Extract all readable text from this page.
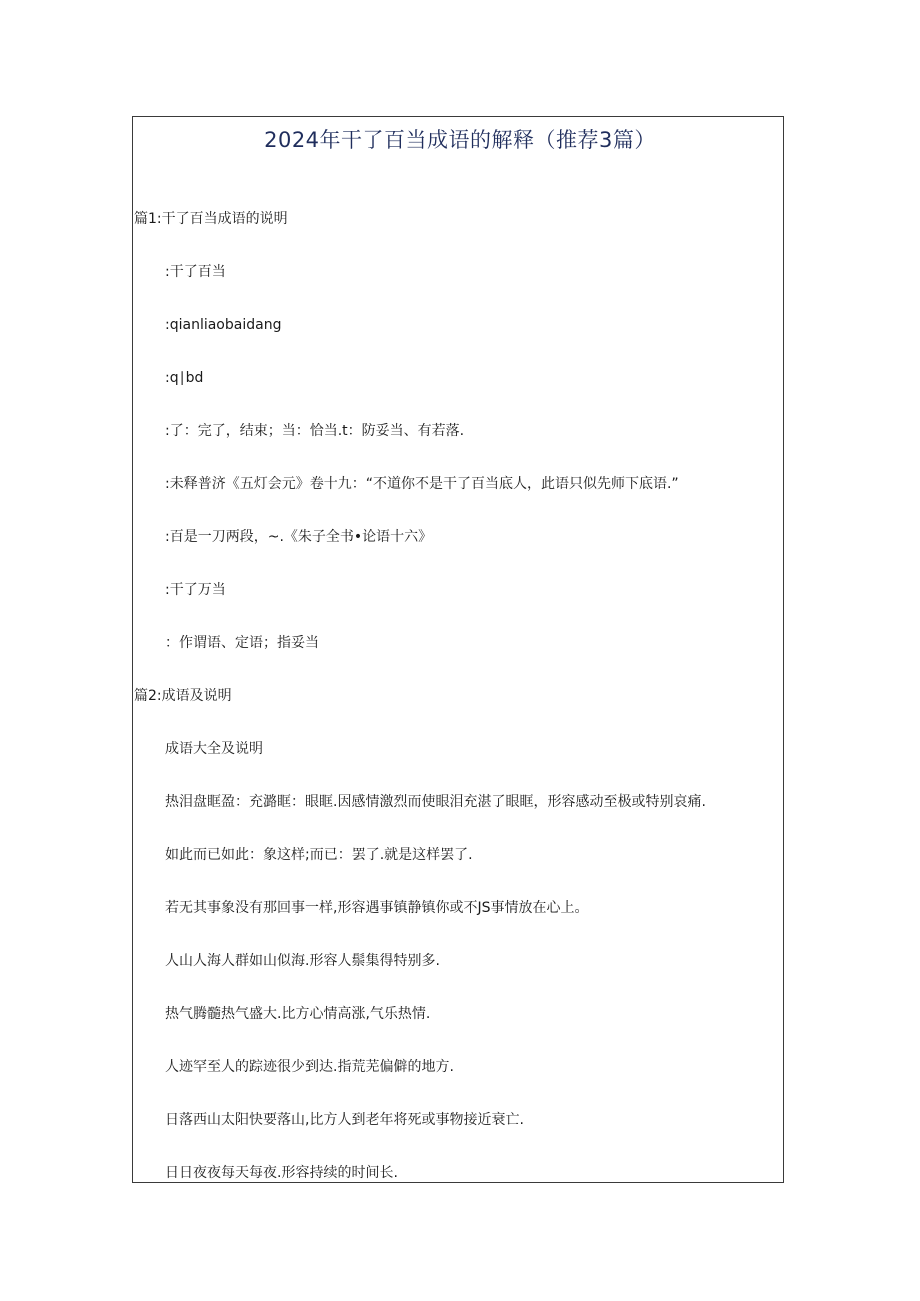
2024年干了百当成语的解释（推荐3篇）
篇1:干了百当成语的说明
:干了百当
:qianliaobaidang
:q∣bd
:了：完了，结束；当：恰当.t：防妥当、有若落.
:未释普济《五灯会元》卷十九：“不道你不是干了百当底人，此语只似先师下底语.”
:百是一刀两段，~.《朱子全书•论语十六》
:干了万当
：作谓语、定语；指妥当
篇2:成语及说明
成语大全及说明
热泪盘眶盈：充潞眶：眼眶.因感情激烈而使眼泪充湛了眼眶，形容感动至极或特别哀痛.
如此而已如此：象这样;而已：罢了.就是这样罢了.
若无其事象没有那回事一样,形容遇事镇静镇你或不JS事情放在心上。
人山人海人群如山似海.形容人鬃集得特别多.
热气腾髓热气盛大.比方心情高涨,气乐热情.
人迹罕至人的踪迹很少到达.指荒芜偏僻的地方.
日落西山太阳快要落山,比方人到老年将死或事物接近衰亡.
日日夜夜每天每夜.形容持续的时间长.
